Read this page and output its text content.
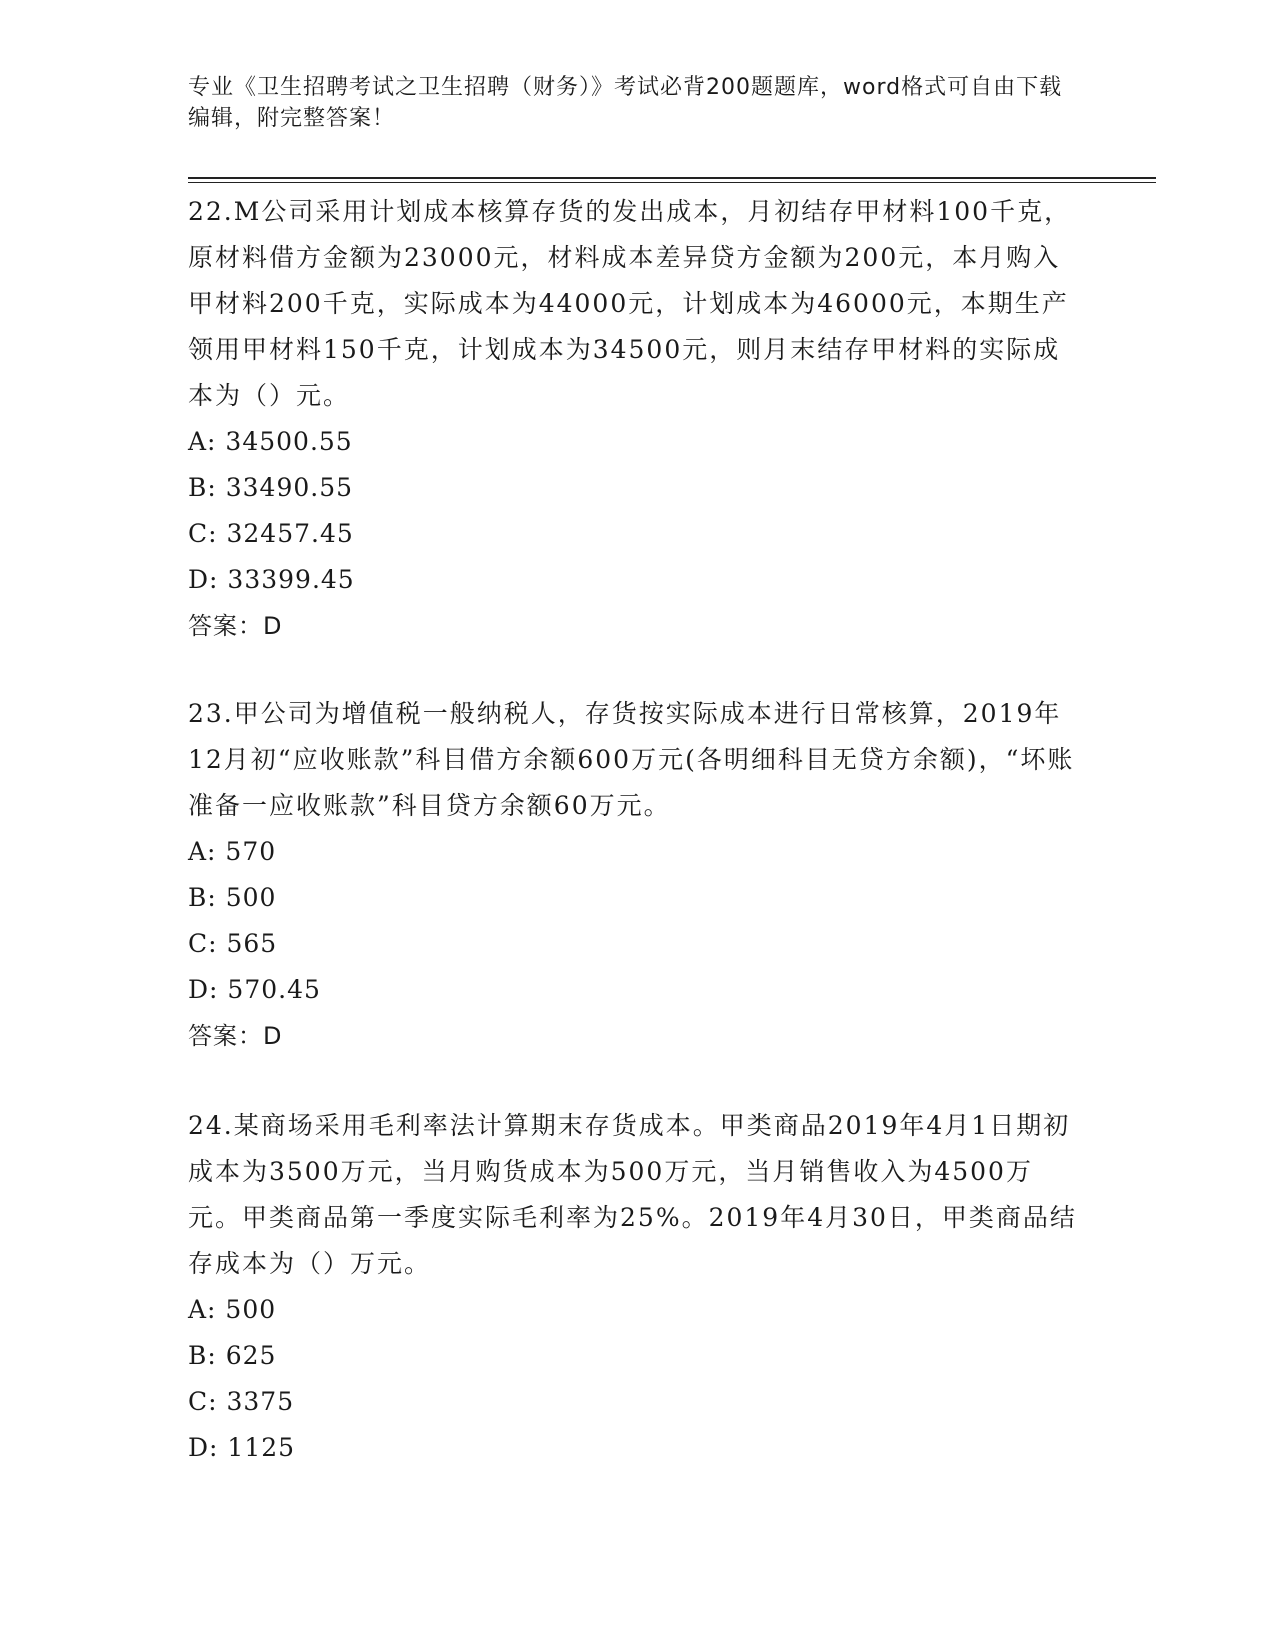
专业《卫生招聘考试之卫生招聘（财务）》考试必背200题题库，word格式可自由下载编辑，附完整答案！

22.M公司采用计划成本核算存货的发出成本，月初结存甲材料100千克，原材料借方金额为23000元，材料成本差异贷方金额为200元，本月购入甲材料200千克，实际成本为44000元，计划成本为46000元，本期生产领用甲材料150千克，计划成本为34500元，则月末结存甲材料的实际成本为（）元。

A: 34500.55
B: 33490.55
C: 32457.45
D: 33399.45
答案：D

23.甲公司为增值税一般纳税人，存货按实际成本进行日常核算，2019年12月初“应收账款”科目借方余额600万元(各明细科目无贷方余额)，“坏账准备一应收账款”科目贷方余额60万元。

A: 570
B: 500
C: 565
D: 570.45
答案：D

24.某商场采用毛利率法计算期末存货成本。甲类商品2019年4月1日期初成本为3500万元，当月购货成本为500万元，当月销售收入为4500万元。甲类商品第一季度实际毛利率为25%。2019年4月30日，甲类商品结存成本为（）万元。

A: 500
B: 625
C: 3375
D: 1125
